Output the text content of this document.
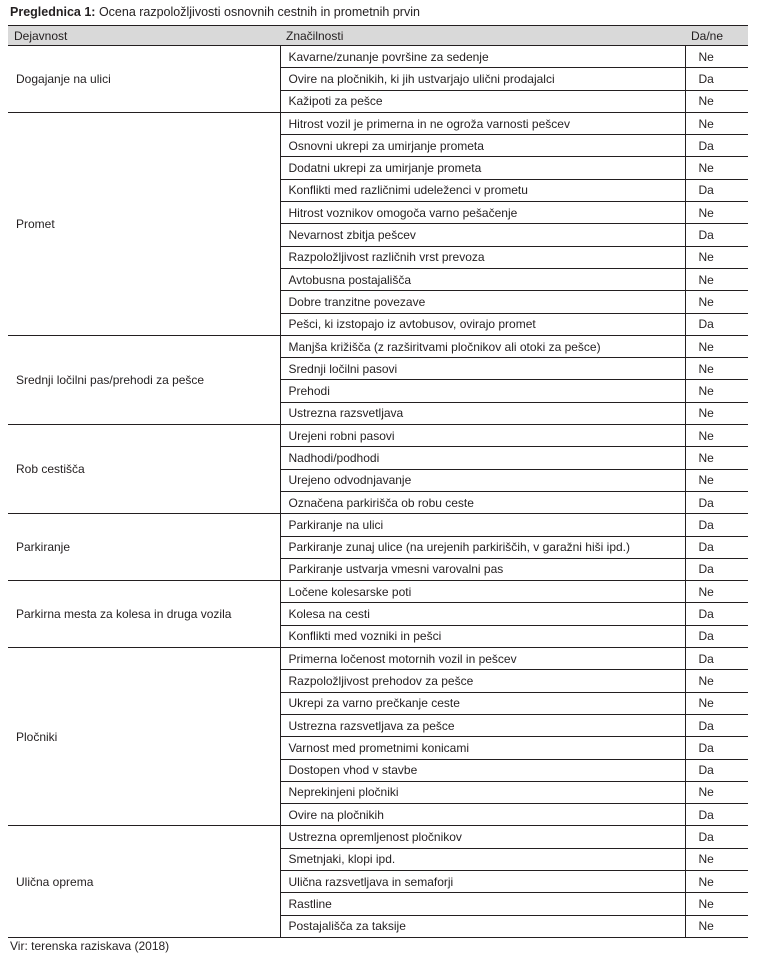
Preglednica 1: Ocena razpoložljivosti osnovnih cestnih in prometnih prvin
Dejavnost	Značilnosti	Da/ne
Dogajanje na ulici	Kavarne/zunanje površine za sedenje	Ne
	Ovire na pločnikih, ki jih ustvarjajo ulični prodajalci	Da
	Kažipoti za pešce	Ne
Promet	Hitrost vozil je primerna in ne ogroža varnosti pešcev	Ne
	Osnovni ukrepi za umirjanje prometa	Da
	Dodatni ukrepi za umirjanje prometa	Ne
	Konflikti med različnimi udeleženci v prometu	Da
	Hitrost voznikov omogoča varno pešačenje	Ne
	Nevarnost zbitja pešcev	Da
	Razpoložljivost različnih vrst prevoza	Ne
	Avtobusna postajališča	Ne
	Dobre tranzitne povezave	Ne
	Pešci, ki izstopajo iz avtobusov, ovirajo promet	Da
Srednji ločilni pas/prehodi za pešce	Manjša križišča (z razširitvami pločnikov ali otoki za pešce)	Ne
	Srednji ločilni pasovi	Ne
	Prehodi	Ne
	Ustrezna razsvetljava	Ne
Rob cestišča	Urejeni robni pasovi	Ne
	Nadhodi/podhodi	Ne
	Urejeno odvodnjavanje	Ne
	Označena parkirišča ob robu ceste	Da
Parkiranje	Parkiranje na ulici	Da
	Parkiranje zunaj ulice (na urejenih parkiriščih, v garažni hiši ipd.)	Da
	Parkiranje ustvarja vmesni varovalni pas	Da
Parkirna mesta za kolesa in druga vozila	Ločene kolesarske poti	Ne
	Kolesa na cesti	Da
	Konflikti med vozniki in pešci	Da
Pločniki	Primerna ločenost motornih vozil in pešcev	Da
	Razpoložljivost prehodov za pešce	Ne
	Ukrepi za varno prečkanje ceste	Ne
	Ustrezna razsvetljava za pešce	Da
	Varnost med prometnimi konicami	Da
	Dostopen vhod v stavbe	Da
	Neprekinjeni pločniki	Ne
	Ovire na pločnikih	Da
Ulična oprema	Ustrezna opremljenost pločnikov	Da
	Smetnjaki, klopi ipd.	Ne
	Ulična razsvetljava in semaforji	Ne
	Rastline	Ne
	Postajališča za taksije	Ne
Vir: terenska raziskava (2018)
